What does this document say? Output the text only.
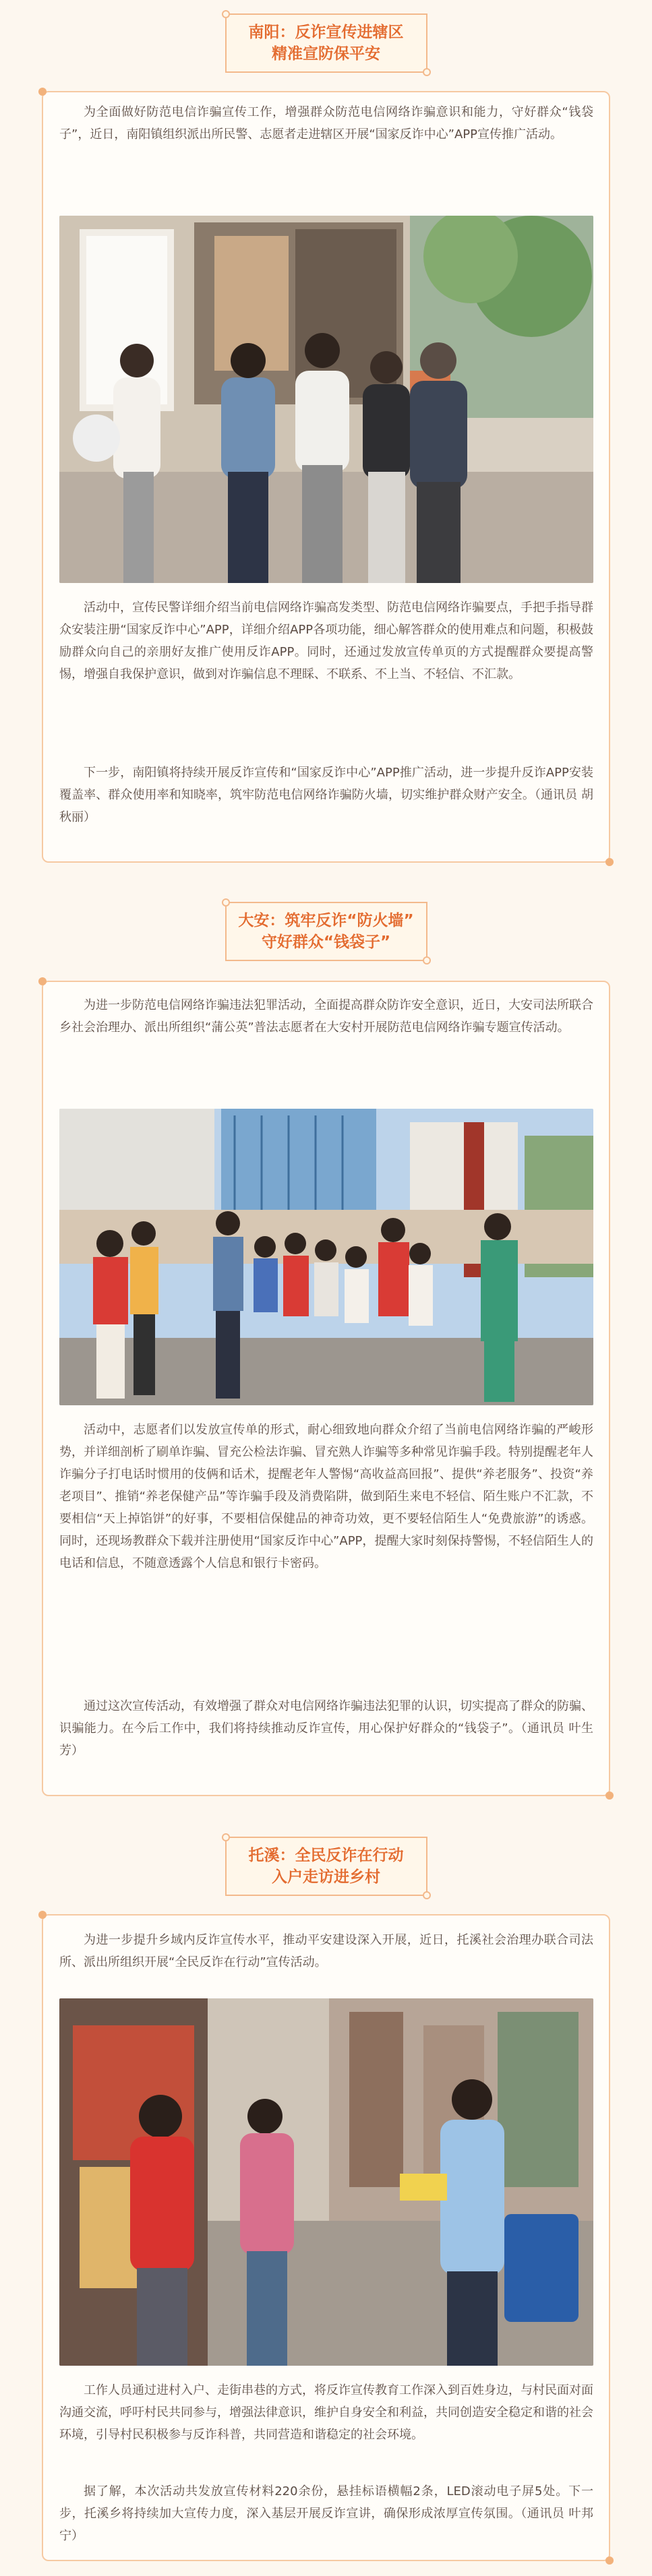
南阳：反诈宣传进辖区
精准宣防保平安

为全面做好防范电信诈骗宣传工作，增强群众防范电信网络诈骗意识和能力，守好群众“钱袋子”，近日，南阳镇组织派出所民警、志愿者走进辖区开展“国家反诈中心”APP宣传推广活动。

活动中，宣传民警详细介绍当前电信网络诈骗高发类型、防范电信网络诈骗要点，手把手指导群众安装注册“国家反诈中心”APP，详细介绍APP各项功能，细心解答群众的使用难点和问题，积极鼓励群众向自己的亲朋好友推广使用反诈APP。同时，还通过发放宣传单页的方式提醒群众要提高警惕，增强自我保护意识，做到对诈骗信息不理睬、不联系、不上当、不轻信、不汇款。

下一步，南阳镇将持续开展反诈宣传和“国家反诈中心”APP推广活动，进一步提升反诈APP安装覆盖率、群众使用率和知晓率，筑牢防范电信网络诈骗防火墙，切实维护群众财产安全。（通讯员 胡秋丽）

大安：筑牢反诈“防火墙”
守好群众“钱袋子”

为进一步防范电信网络诈骗违法犯罪活动，全面提高群众防诈安全意识，近日，大安司法所联合乡社会治理办、派出所组织“蒲公英”普法志愿者在大安村开展防范电信网络诈骗专题宣传活动。

活动中，志愿者们以发放宣传单的形式，耐心细致地向群众介绍了当前电信网络诈骗的严峻形势，并详细剖析了刷单诈骗、冒充公检法诈骗、冒充熟人诈骗等多种常见诈骗手段。特别提醒老年人诈骗分子打电话时惯用的伎俩和话术，提醒老年人警惕“高收益高回报”、提供“养老服务”、投资“养老项目”、推销“养老保健产品”等诈骗手段及消费陷阱，做到陌生来电不轻信、陌生账户不汇款，不要相信“天上掉馅饼”的好事，不要相信保健品的神奇功效，更不要轻信陌生人“免费旅游”的诱惑。同时，还现场教群众下载并注册使用“国家反诈中心”APP，提醒大家时刻保持警惕，不轻信陌生人的电话和信息，不随意透露个人信息和银行卡密码。

通过这次宣传活动，有效增强了群众对电信网络诈骗违法犯罪的认识，切实提高了群众的防骗、识骗能力。在今后工作中，我们将持续推动反诈宣传，用心保护好群众的“钱袋子”。（通讯员 叶生芳）

托溪：全民反诈在行动
入户走访进乡村

为进一步提升乡域内反诈宣传水平，推动平安建设深入开展，近日，托溪社会治理办联合司法所、派出所组织开展“全民反诈在行动”宣传活动。

工作人员通过进村入户、走街串巷的方式，将反诈宣传教育工作深入到百姓身边，与村民面对面沟通交流，呼吁村民共同参与，增强法律意识，维护自身安全和利益，共同创造安全稳定和谐的社会环境，引导村民积极参与反诈科普，共同营造和谐稳定的社会环境。

据了解，本次活动共发放宣传材料220余份，悬挂标语横幅2条，LED滚动电子屏5处。下一步，托溪乡将持续加大宣传力度，深入基层开展反诈宣讲，确保形成浓厚宣传氛围。（通讯员 叶邦宁）
